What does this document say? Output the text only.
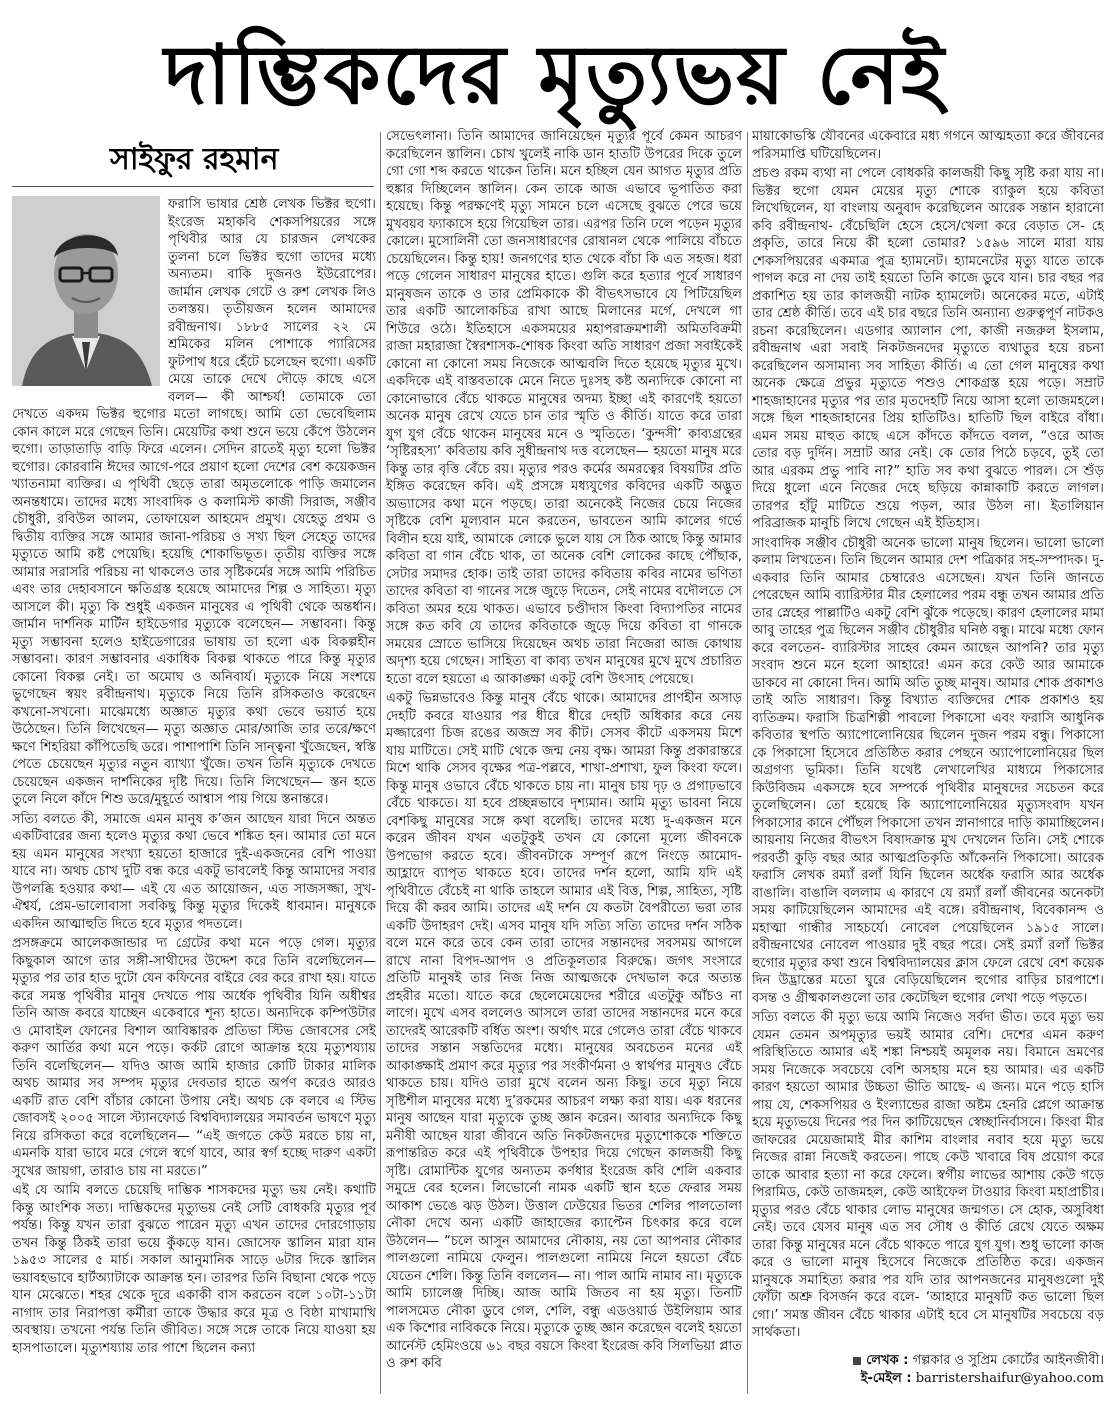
দাম্ভিকদের মৃত্যুভয় নেই
সাইফুর রহমান

ফরাসি ভাষার শ্রেষ্ঠ লেখক ভিক্টর হুগো। ইংরেজ মহাকবি শেকসপিয়রের সঙ্গে পৃথিবীর আর যে চারজন লেখকের তুলনা চলে ভিক্টর হুগো তাদের মধ্যে অন্যতম। বাকি দুজনও ইউরোপের। জার্মান লেখক গেটে ও রুশ লেখক লিও তলস্তয়। তৃতীয়জন হলেন আমাদের রবীন্দ্রনাথ। ১৮৮৫ সালের ২২ মে শ্রমিকের মলিন পোশাকে প্যারিসের ফুটপাথ ধরে হেঁটে চলেছেন হুগো। একটি মেয়ে তাকে দেখে দৌড়ে কাছে এসে বলল— কী আশ্চর্য! তোমাকে তো দেখতে একদম ভিক্টর হুগোর মতো লাগছে। আমি তো ভেবেছিলাম কোন কালে মরে গেছেন তিনি। মেয়েটির কথা শুনে ভয়ে কেঁপে উঠলেন হুগো। তাড়াতাড়ি বাড়ি ফিরে এলেন। সেদিন রাতেই মৃত্যু হলো ভিক্টর হুগোর। কোরবানি ঈদের আগে-পরে প্রয়াণ হলো দেশের বেশ কয়েকজন খ্যাতনামা ব্যক্তির। এ পৃথিবী ছেড়ে তারা অমৃতলোকে পাড়ি জমালেন অনন্তধামে। তাদের মধ্যে সাংবাদিক ও কলামিস্ট কাজী সিরাজ, সঞ্জীব চৌধুরী, রবিউল আলম, তোফায়েল আহমেদ প্রমুখ। যেহেতু প্রথম ও দ্বিতীয় ব্যক্তির সঙ্গে আমার জানা-পরিচয় ও সখ্য ছিল সেহেতু তাদের মৃত্যুতে আমি কষ্ট পেয়েছি। হয়েছি শোকাভিভূত। তৃতীয় ব্যক্তির সঙ্গে আমার সরাসরি পরিচয় না থাকলেও তার সৃষ্টিকর্মের সঙ্গে আমি পরিচিত এবং তার দেহাবসানে ক্ষতিগ্রস্ত হয়েছে আমাদের শিল্প ও সাহিত্য। মৃত্যু আসলে কী। মৃত্যু কি শুধুই একজন মানুষের এ পৃথিবী থেকে অন্তর্ধান। জার্মান দার্শনিক মার্টিন হাইডেগার মৃত্যুকে বলেছেন— সম্ভাবনা। কিন্তু মৃত্যু সম্ভাবনা হলেও হাইডেগারের ভাষায় তা হলো এক বিকল্পহীন সম্ভাবনা। কারণ সম্ভাবনার একাধিক বিকল্প থাকতে পারে কিন্তু মৃত্যুর কোনো বিকল্প নেই। তা অমোঘ ও অনিবার্য। মৃত্যুকে নিয়ে সংশয়ে ভুগেছেন স্বয়ং রবীন্দ্রনাথ। মৃত্যুকে নিয়ে তিনি রসিকতাও করেছেন কখনো-সখনো। মাঝেমধ্যে অজ্ঞাত মৃত্যুর কথা ভেবে ভয়ার্ত হয়ে উঠেছেন। তিনি লিখেছেন— মৃত্যু অজ্ঞাত মোর/আজি তার তরে/ক্ষণে ক্ষণে শিহরিয়া কাঁপিতেছি ডরে। পাশাপাশি তিনি সান্ত্বনা খুঁজেছেন, স্বস্তি পেতে চেয়েছেন মৃত্যুর নতুন ব্যাখ্যা খুঁজে। তখন তিনি মৃত্যুকে দেখতে চেয়েছেন একজন দার্শনিকের দৃষ্টি দিয়ে। তিনি লিখেছেন— স্তন হতে তুলে নিলে কাঁদে শিশু ডরে/মুহূর্তে আশ্বাস পায় গিয়ে স্তনান্তরে।

সত্যি বলতে কী, সমাজে এমন মানুষ ক’জন আছেন যারা দিনে অন্তত একটিবারের জন্য হলেও মৃত্যুর কথা ভেবে শঙ্কিত হন। আমার তো মনে হয় এমন মানুষের সংখ্যা হয়তো হাজারে দুই-একজনের বেশি পাওয়া যাবে না। অথচ চোখ দুটি বন্ধ করে একটু ভাবলেই কিন্তু আমাদের সবার উপলব্ধি হওয়ার কথা— এই যে এত আয়োজন, এত সাজসজ্জা, সুখ-ঐশ্বর্য, প্রেম-ভালোবাসা সবকিছু কিন্তু মৃত্যুর দিকেই ধাবমান। মানুষকে একদিন আত্মাহুতি দিতে হবে মৃত্যুর পদতলে।

প্রসঙ্গক্রমে আলেকজান্ডার দ্য গ্রেটের কথা মনে পড়ে গেল। মৃত্যুর কিছুকাল আগে তার সঙ্গী-সাথীদের উদ্দেশ করে তিনি বলেছিলেন— মৃত্যুর পর তার হাত দুটো যেন কফিনের বাইরে বের করে রাখা হয়। যাতে করে সমস্ত পৃথিবীর মানুষ দেখতে পায় অর্ধেক পৃথিবীর যিনি অধীশ্বর তিনি আজ কবরে যাচ্ছেন একেবারে শূন্য হাতে। অন্যদিকে কম্পিউটার ও মোবাইল ফোনের বিশাল আবিষ্কারক প্রতিভা স্টিভ জোবসের সেই করুণ আর্তির কথা মনে পড়ে। কর্কট রোগে আক্রান্ত হয়ে মৃত্যুশয্যায় তিনি বলেছিলেন— যদিও আজ আমি হাজার কোটি টাকার মালিক অথচ আমার সব সম্পদ মৃত্যুর দেবতার হাতে অর্পণ করেও আরও একটি রাত বেশি বাঁচার কোনো উপায় নেই। অথচ কে বলবে এ স্টিভ জোবসই ২০০৫ সালে স্ট্যানফোর্ড বিশ্ববিদ্যালয়ের সমাবর্তন ভাষণে মৃত্যু নিয়ে রসিকতা করে বলেছিলেন— “এই জগতে কেউ মরতে চায় না, এমনকি যারা ভাবে মরে গেলে স্বর্গে যাবে, আর স্বর্গ হচ্ছে দারুণ একটা সুখের জায়গা, তারাও চায় না মরতে।”

এই যে আমি বলতে চেয়েছি দাম্ভিক শাসকদের মৃত্যু ভয় নেই। কথাটি কিন্তু আংশিক সত্য। দাম্ভিকদের মৃত্যুভয় নেই সেটি বোধকরি মৃত্যুর পূর্ব পর্যন্ত। কিন্তু যখন তারা বুঝতে পারেন মৃত্যু এখন তাদের দোরগোড়ায় তখন কিন্তু ঠিকই তারা ভয়ে কুঁকড়ে যান। জোসেফ স্তালিন মারা যান ১৯৫৩ সালের ৫ মার্চ। সকাল আনুমানিক সাড়ে ৬টার দিকে স্তালিন ভয়াবহভাবে হার্টঅ্যাটাকে আক্রান্ত হন। তারপর তিনি বিছানা থেকে পড়ে যান মেঝেতে। শহর থেকে দূরে একাকী বাস করতেন বলে ১০টা-১১টা নাগাদ তার নিরাপত্তা কর্মীরা তাকে উদ্ধার করে মূত্র ও বিষ্ঠা মাখামাখি অবস্থায়। তখনো পর্যন্ত তিনি জীবিত। সঙ্গে সঙ্গে তাকে নিয়ে যাওয়া হয় হাসপাতালে। মৃত্যুশয্যায় তার পাশে ছিলেন কন্যা

সেভেৎলানা। তিনি আমাদের জানিয়েছেন মৃত্যুর পূর্বে কেমন আচরণ করেছিলেন স্তালিন। চোখ খুলেই নাকি ডান হাতটি উপরের দিকে তুলে গো গো শব্দ করতে থাকেন তিনি। মনে হচ্ছিল যেন আগত মৃত্যুর প্রতি হুঙ্কার দিচ্ছিলেন স্তালিন। কেন তাকে আজ এভাবে ভূপাতিত করা হয়েছে। কিন্তু পরক্ষণেই মৃত্যু সামনে চলে এসেছে বুঝতে পেরে ভয়ে মুখবয়ব ফ্যাকাসে হয়ে গিয়েছিল তার। এরপর তিনি ঢলে পড়েন মৃত্যুর কোলে। মুসোলিনী তো জনসাধারণের রোষানল থেকে পালিয়ে বাঁচতে চেয়েছিলেন। কিন্তু হায়! জনগণের হাত থেকে বাঁচা কি এত সহজ। ধরা পড়ে গেলেন সাধারণ মানুষের হাতে। গুলি করে হত্যার পূর্বে সাধারণ মানুষজন তাকে ও তার প্রেমিকাকে কী বীভৎসভাবে যে পিটিয়েছিল তার একটি আলোকচিত্র রাখা আছে মিলানের মর্গে, দেখলে গা শিউরে ওঠে। ইতিহাসে একসময়ের মহাপরাক্রমশালী অমিতবিক্রমী রাজা মহারাজা স্বৈরশাসক-শোষক কিংবা অতি সাধারণ প্রজা সবাইকেই কোনো না কোনো সময় নিজেকে আত্মবলি দিতে হয়েছে মৃত্যুর মুখে। একদিকে এই বাস্তবতাকে মেনে নিতে দুঃসহ কষ্ট অন্যদিকে কোনো না কোনোভাবে বেঁচে থাকতে মানুষের অদম্য ইচ্ছা এই কারণেই হয়তো অনেক মানুষ রেখে যেতে চান তার স্মৃতি ও কীর্তি। যাতে করে তারা যুগ যুগ বেঁচে থাকেন মানুষের মনে ও স্মৃতিতে। ‘কুন্দসী’ কাব্যগ্রন্থের ‘সৃষ্টিরহস্য’ কবিতায় কবি সুধীন্দ্রনাথ দত্ত বলেছেন— হয়তো মানুষ মরে কিন্তু তার বৃত্তি বেঁচে রয়। মৃত্যুর পরও কর্মের অমরত্বের বিষয়টির প্রতি ইঙ্গিত করেছেন কবি। এই প্রসঙ্গে মধ্যযুগের কবিদের একটি অদ্ভুত অভ্যাসের কথা মনে পড়ছে। তারা অনেকেই নিজের চেয়ে নিজের সৃষ্টিকে বেশি মূল্যবান মনে করতেন, ভাবতেন আমি কালের গর্ভে বিলীন হয়ে যাই, আমাকে লোকে ভুলে যায় সে ঠিক আছে কিন্তু আমার কবিতা বা গান বেঁচে থাক, তা অনেক বেশি লোকের কাছে পৌঁছাক, সেটার সমাদর হোক। তাই তারা তাদের কবিতায় কবির নামের ভণিতা তাদের কবিতা বা গানের সঙ্গে জুড়ে দিতেন, সেই নামের বদৌলতে সে কবিতা অমর হয়ে থাকত। এভাবে চণ্ডীদাস কিংবা বিদ্যাপতির নামের সঙ্গে কত কবি যে তাদের কবিতাকে জুড়ে দিয়ে কবিতা বা গানকে সময়ের স্রোতে ভাসিয়ে দিয়েছেন অথচ তারা নিজেরা আজ কোথায় অদৃশ্য হয়ে গেছেন। সাহিত্য বা কাব্য তখন মানুষের মুখে মুখে প্রচারিত হতো বলে হয়তো এ আকাঙ্ক্ষা একটু বেশি উৎসাহ পেয়েছে।

একটু ভিন্নভাবেও কিন্তু মানুষ বেঁচে থাকে। আমাদের প্রাণহীন অসাড় দেহটি কবরে যাওয়ার পর ধীরে ধীরে দেহটি অধিকার করে নেয় মজ্জারেণা চিজ রঙের অজস্র সব কীট। সেসব কীটে একসময় মিশে যায় মাটিতে। সেই মাটি থেকে জন্ম নেয় বৃক্ষ। আমরা কিন্তু প্রকারান্তরে মিশে থাকি সেসব বৃক্ষের পত্র-পল্লবে, শাখা-প্রশাখা, ফুল কিংবা ফলে। কিন্তু মানুষ ওভাবে বেঁচে থাকতে চায় না। মানুষ চায় দৃঢ় ও প্রগাঢ়ভাবে বেঁচে থাকতে। যা হবে প্রচ্ছন্নভাবে দৃশ্যমান। আমি মৃত্যু ভাবনা নিয়ে বেশকিছু মানুষের সঙ্গে কথা বলেছি। তাদের মধ্যে দু-একজন মনে করেন জীবন যখন এতটুকুই তখন যে কোনো মূল্যে জীবনকে উপভোগ করতে হবে। জীবনটাকে সম্পূর্ণ রূপে নিংড়ে আমোদ-আহ্লাদে ব্যাপৃত থাকতে হবে। তাদের দর্শন হলো, আমি যদি এই পৃথিবীতে বেঁচেই না থাকি তাহলে আমার এই বিত্ত, শিল্প, সাহিত্য, সৃষ্টি দিয়ে কী করব আমি। তাদের এই দর্শন যে কতটা বৈপরীত্যে ভরা তার একটি উদাহরণ দেই। এসব মানুষ যদি সত্যি সত্যি তাদের দর্শন সঠিক বলে মনে করে তবে কেন তারা তাদের সন্তানদের সবসময় আগলে রাখে নানা বিপদ-আপদ ও প্রতিকূলতার বিরুদ্ধে। জগৎ সংসারে প্রতিটি মানুষই তার নিজ নিজ আত্মজকে দেখভাল করে অত্যন্ত প্রহরীর মতো। যাতে করে ছেলেমেয়েদের শরীরে এতটুকু আঁচও না লাগে। মুখে এসব বললেও আসলে তারা তাদের সন্তানদের মনে করে তাদেরই আরেকটি বর্ধিত অংশ। অর্থাৎ মরে গেলেও তারা বেঁচে থাকবে তাদের সন্তান সন্ততিদের মধ্যে। মানুষের অবচেতন মনের এই আকাঙ্ক্ষাই প্রমাণ করে মৃত্যুর পর সংকীর্ণমনা ও স্বার্থপর মানুষও বেঁচে থাকতে চায়। যদিও তারা মুখে বলেন অন্য কিছু। তবে মৃত্যু নিয়ে সৃষ্টিশীল মানুষের মধ্যে দু’রকমের আচরণ লক্ষ্য করা যায়। এক ধরনের মানুষ আছেন যারা মৃত্যুকে তুচ্ছ জ্ঞান করেন। আবার অন্যদিকে কিছু মনীষী আছেন যারা জীবনে অতি নিকটজনদের মৃত্যুশোককে শক্তিতে রূপান্তরিত করে এই পৃথিবীকে উপহার দিয়ে গেছেন কালজয়ী কিছু সৃষ্টি। রোমান্টিক যুগের অন্যতম কর্ণধার ইংরেজ কবি শেলি একবার সমুদ্রে বের হলেন। লিভোর্নো নামক একটি স্থান হতে ফেরার সময় আকাশ ভেঙে ঝড় উঠল। উত্তাল ঢেউয়ের ভিতর শেলির পালতোলা নৌকা দেখে অন্য একটি জাহাজের ক্যাপ্টেন চিৎকার করে বলে উঠলেন— “চলে আসুন আমাদের নৌকায়, নয় তো আপনার নৌকার পালগুলো নামিয়ে ফেলুন। পালগুলো নামিয়ে নিলে হয়তো বেঁচে যেতেন শেলি। কিন্তু তিনি বললেন— না। পাল আমি নামাব না। মৃত্যুকে আমি চ্যালেঞ্জ দিচ্ছি। আজ আমি জিতব না হয় মৃত্যু। তিনটি পালসমেত নৌকা ডুবে গেল, শেলি, বন্ধু এডওয়ার্ড উইলিয়াম আর এক কিশোর নাবিককে নিয়ে। মৃত্যুকে তুচ্ছ জ্ঞান করেছেন বলেই হয়তো আর্নেস্ট হেমিংওয়ে ৬১ বছর বয়সে কিংবা ইংরেজ কবি সিলভিয়া প্লাত ও রুশ কবি

মায়াকোভস্কি যৌবনের একেবারে মধ্য গগনে আত্মহত্যা করে জীবনের পরিসমাপ্তি ঘটিয়েছিলেন।

প্রচণ্ড রকম ব্যথা না পেলে বোধকরি কালজয়ী কিছু সৃষ্টি করা যায় না। ভিক্টর হুগো যেমন মেয়ের মৃত্যু শোকে ব্যাকুল হয়ে কবিতা লিখেছিলেন, যা বাংলায় অনুবাদ করেছিলেন আরেক সন্তান হারানো কবি রবীন্দ্রনাথ- বেঁচেছিলি হেসে হেসে/খেলা করে বেড়াত সে- হে প্রকৃতি, তারে নিয়ে কী হলো তোমার? ১৫৯৬ সালে মারা যায় শেকসপিয়রের একমাত্র পুত্র হ্যামনেট। হ্যামনেটের মৃত্যু যাতে তাকে পাগল করে না দেয় তাই হয়তো তিনি কাজে ডুবে যান। চার বছর পর প্রকাশিত হয় তার কালজয়ী নাটক হ্যামলেট। অনেকের মতে, এটাই তার শ্রেষ্ঠ কীর্তি। তবে এই চার বছরে তিনি অন্যান্য গুরুত্বপূর্ণ নাটকও রচনা করেছিলেন। এডগার অ্যালান পো, কাজী নজরুল ইসলাম, রবীন্দ্রনাথ এরা সবাই নিকটজনদের মৃত্যুতে ব্যথাতুর হয়ে রচনা করেছিলেন অসামান্য সব সাহিত্য কীর্তি। এ তো গেল মানুষের কথা অনেক ক্ষেত্রে প্রভুর মৃত্যুতে পশুও শোকগ্রস্ত হয়ে পড়ে। সম্রাট শাহজাহানের মৃত্যুর পর তার মৃতদেহটি নিয়ে আসা হলো তাজমহলে। সঙ্গে ছিল শাহজাহানের প্রিয় হাতিটিও। হাতিটি ছিল বাইরে বাঁধা। এমন সময় মাহুত কাছে এসে কাঁদতে কাঁদতে বলল, “ওরে আজ তোর বড় দুর্দিন। সম্রাট আর নেই। কে তোর পিঠে চড়বে, তুই তো আর এরকম প্রভু পাবি না?” হাতি সব কথা বুঝতে পারল। সে শুঁড় দিয়ে ধুলো এনে নিজের দেহে ছড়িয়ে কান্নাকাটি করতে লাগল। তারপর হাঁটু মাটিতে শুয়ে পড়ল, আর উঠল না। ইতালিয়ান পরিব্রাজক মানুচি লিখে গেছেন এই ইতিহাস।

সাংবাদিক সঞ্জীব চৌধুরী অনেক ভালো মানুষ ছিলেন। ভালো ভালো কলাম লিখতেন। তিনি ছিলেন আমার দেশ পত্রিকার সহ-সম্পাদক। দু-একবার তিনি আমার চেম্বারেও এসেছেন। যখন তিনি জানতে পেরেছেন আমি ব্যারিস্টার মীর হেলালের পরম বন্ধু তখন আমার প্রতি তার স্নেহের পাল্লাটিও একটু বেশি ঝুঁকে পড়েছে। কারণ হেলালের মামা আবু তাহের পুত্র ছিলেন সঞ্জীব চৌধুরীর ঘনিষ্ঠ বন্ধু। মাঝে মধ্যে ফোন করে বলতেন- ব্যারিস্টার সাহেব কেমন আছেন আপনি? তার মৃত্যু সংবাদ শুনে মনে হলো আহারে! এমন করে কেউ আর আমাকে ডাকবে না কোনো দিন। আমি অতি তুচ্ছ মানুষ। আমার শোক প্রকাশও তাই অতি সাধারণ। কিন্তু বিখ্যাত ব্যক্তিদের শোক প্রকাশও হয় ব্যতিক্রম। ফরাসি চিত্রশিল্পী পাবলো পিকাসো এবং ফরাসি আধুনিক কবিতার স্থপতি অ্যাপোলোনিয়ের ছিলেন দুজন পরম বন্ধু। পিকাসো কে পিকাসো হিসেবে প্রতিষ্ঠিত করার পেছনে অ্যাপোলোনিয়ের ছিল অগ্রগণ্য ভূমিকা। তিনি যথেষ্ট লেখালেখির মাধ্যমে পিকাসোর কিউবিজম একসঙ্গে হবে সম্পর্কে পৃথিবীর মানুষদের সচেতন করে তুলেছিলেন। তো হয়েছে কি অ্যাপোলোনিয়ের মৃত্যুসংবাদ যখন পিকাসোর কানে পৌঁছল পিকাসো তখন স্নানাগারে দাড়ি কামাচ্ছিলেন। আয়নায় নিজের বীভৎস বিষাদক্রান্ত মুখ দেখলেন তিনি। সেই শোকে পরবর্তী কুড়ি বছর আর আত্মপ্রতিকৃতি আঁকেননি পিকাসো। আরেক ফরাসি লেখক রম্যাঁ রলাঁ যিনি ছিলেন অর্ধেক ফরাসি আর অর্ধেক বাঙালি। বাঙালি বললাম এ কারণে যে রম্যাঁ রলাঁ জীবনের অনেকটা সময় কাটিয়েছিলেন আমাদের এই বঙ্গে। রবীন্দ্রনাথ, বিবেকানন্দ ও মহাত্মা গান্ধীর সাহচর্যে। নোবেল পেয়েছিলেন ১৯১৫ সালে। রবীন্দ্রনাথের নোবেল পাওয়ার দুই বছর পরে। সেই রম্যাঁ রলাঁ ভিক্টর হুগোর মৃত্যুর কথা শুনে বিশ্ববিদ্যালয়ের ক্লাস ফেলে রেখে বেশ কয়েক দিন উদ্ভ্রান্তের মতো ঘুরে বেড়িয়েছিলেন হুগোর বাড়ির চারপাশে। বসন্ত ও গ্রীষ্মকালগুলো তার কেটেছিল হুগোর লেখা পড়ে পড়তে।

সত্যি বলতে কী মৃত্যু ভয়ে আমি নিজেও সর্বদা ভীত। তবে মৃত্যু ভয় যেমন তেমন অপমৃত্যুর ভয়ই আমার বেশি। দেশের এমন করুণ পরিস্থিতিতে আমার এই শঙ্কা নিশ্চয়ই অমূলক নয়। বিমানে ভ্রমণের সময় নিজেকে সবচেয়ে বেশি অসহায় মনে হয় আমার। এর একটি কারণ হয়তো আমার উচ্চতা ভীতি আছে- এ জন্য। মনে পড়ে হাসি পায় যে, শেকসপিয়র ও ইংল্যান্ডের রাজা অষ্টম হেনরি প্লেগে আক্রান্ত হয়ে মৃত্যুভয়ে দিনের পর দিন কাটিয়েছেন স্বেচ্ছানির্বাসনে। কিংবা মীর জাফরের মেয়েজামাই মীর কাশিম বাংলার নবাব হয়ে মৃত্যু ভয়ে নিজের রান্না নিজেই করতেন। পাছে কেউ খাবারে বিষ প্রয়োগ করে তাকে আবার হত্যা না করে ফেলে। স্বর্গীয় লাভের আশায় কেউ গড়ে পিরামিড, কেউ তাজমহল, কেউ আইফেল টাওয়ার কিংবা মহাপ্রাচীর। মৃত্যুর পরও বেঁচে থাকার লোভ মানুষের জন্মগত। সে হোক, অসুবিধা নেই। তবে যেসব মানুষ এত সব সৌধ ও কীর্তি রেখে যেতে অক্ষম তারা কিন্তু মানুষের মনে বেঁচে থাকতে পারে যুগ যুগ। শুধু ভালো কাজ করে ও ভালো মানুষ হিসেবে নিজেকে প্রতিষ্ঠিত করে। একজন মানুষকে সমাহিত্য করার পর যদি তার আপনজনের মানুষগুলো দুই ফোঁটা অশ্রু বিসর্জন করে বলে- ‘আহারে মানুষটি কত ভালো ছিল গো।’ সমস্ত জীবন বেঁচে থাকার এটাই হবে সে মানুষটির সবচেয়ে বড় সার্থকতা।

লেখক : গল্পকার ও সুপ্রিম কোর্টের আইনজীবী।
ই-মেইল : barristershaifur@yahoo.com
